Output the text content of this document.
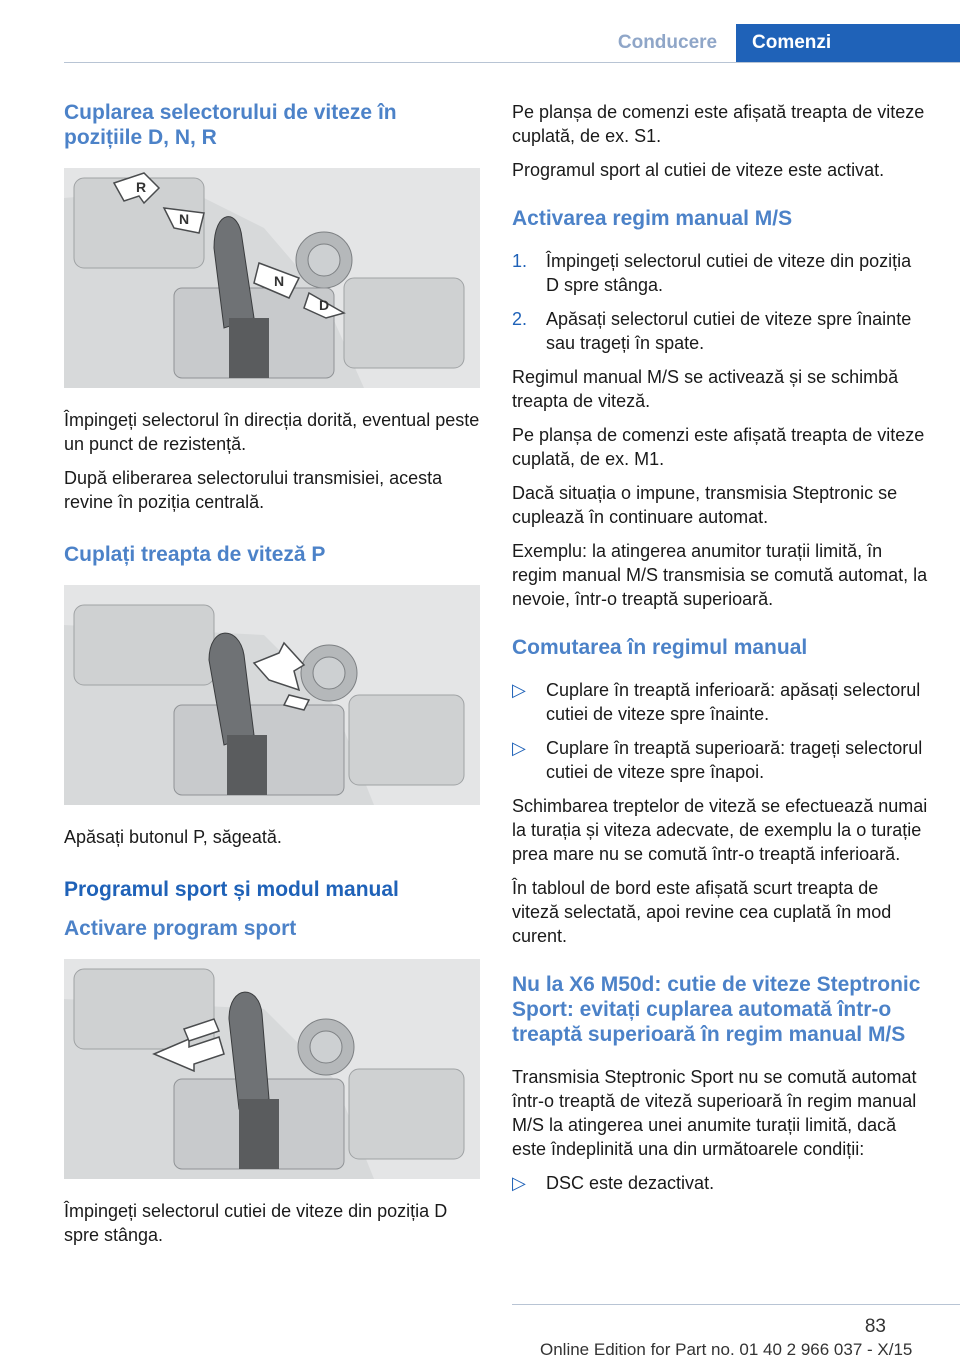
Conducere	Comenzi
Cuplarea selectorului de viteze în pozițiile D, N, R
R
N
N
D

Împingeți selectorul în direcția dorită, eventual peste un punct de rezistență.

După eliberarea selectorului transmisiei, acesta revine în poziția centrală.

Cuplați treapta de viteză P

Apăsați butonul P, săgeată.

Programul sport și modul manual
Activare program sport

Împingeți selectorul cutiei de viteze din poziția D spre stânga.

Pe planșa de comenzi este afișată treapta de viteze cuplată, de ex. S1.

Programul sport al cutiei de viteze este activat.

Activarea regim manual M/S
1.	Împingeți selectorul cutiei de viteze din poziția D spre stânga.
2.	Apăsați selectorul cutiei de viteze spre înainte sau trageți în spate.

Regimul manual M/S se activează și se schimbă treapta de viteză.

Pe planșa de comenzi este afișată treapta de viteze cuplată, de ex. M1.

Dacă situația o impune, transmisia Steptronic se cuplează în continuare automat.

Exemplu: la atingerea anumitor turații limită, în regim manual M/S transmisia se comută automat, la nevoie, într-o treaptă superioară.

Comutarea în regimul manual
▷	Cuplare în treaptă inferioară: apăsați selectorul cutiei de viteze spre înainte.
▷	Cuplare în treaptă superioară: trageți selectorul cutiei de viteze spre înapoi.

Schimbarea treptelor de viteză se efectuează numai la turația și viteza adecvate, de exemplu la o turație prea mare nu se comută într-o treaptă inferioară.

În tabloul de bord este afișată scurt treapta de viteză selectată, apoi revine cea cuplată în mod curent.

Nu la X6 M50d: cutie de viteze Steptronic Sport: evitați cuplarea automată într-o treaptă superioară în regim manual M/S

Transmisia Steptronic Sport nu se comută automat într-o treaptă de viteză superioară în regim manual M/S la atingerea unei anumite turații limită, dacă este îndeplinită una din următoarele condiții:

▷	DSC este dezactivat.
83
Online Edition for Part no. 01 40 2 966 037 - X/15
